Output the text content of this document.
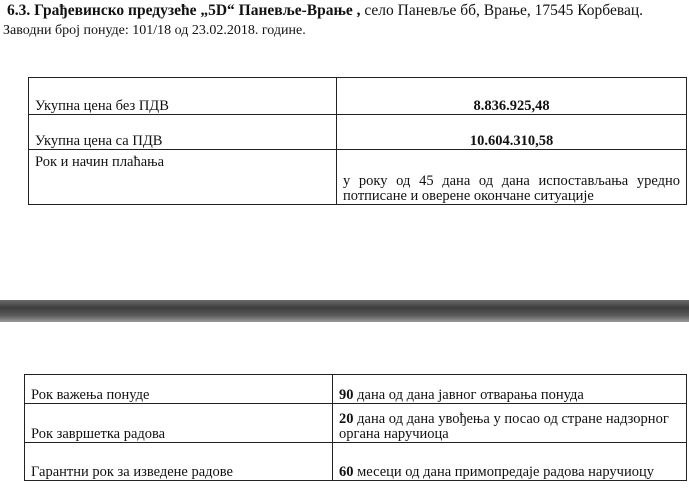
6.3. Грађевинско предузеће „5D“ Паневље-Врање , село Паневље бб, Врање, 17545 Корбевац.
Заводни број понуде: 101/18 од 23.02.2018. године.
Укупна цена без ПДВ	8.836.925,48
Укупна цена са ПДВ	10.604.310,58
Рок и начин плаћања	у року од 45 дана од дана испостављања уредно потписане и оверене окончане ситуације
Рок важења понуде	90 дана од дана јавног отварања понуда
Рок завршетка радова	20 дана од дана увођења у посао од стране надзорног органа наручиоца
Гарантни рок за изведене радове	60 месеци од дана примопредаје радова наручиоцу
